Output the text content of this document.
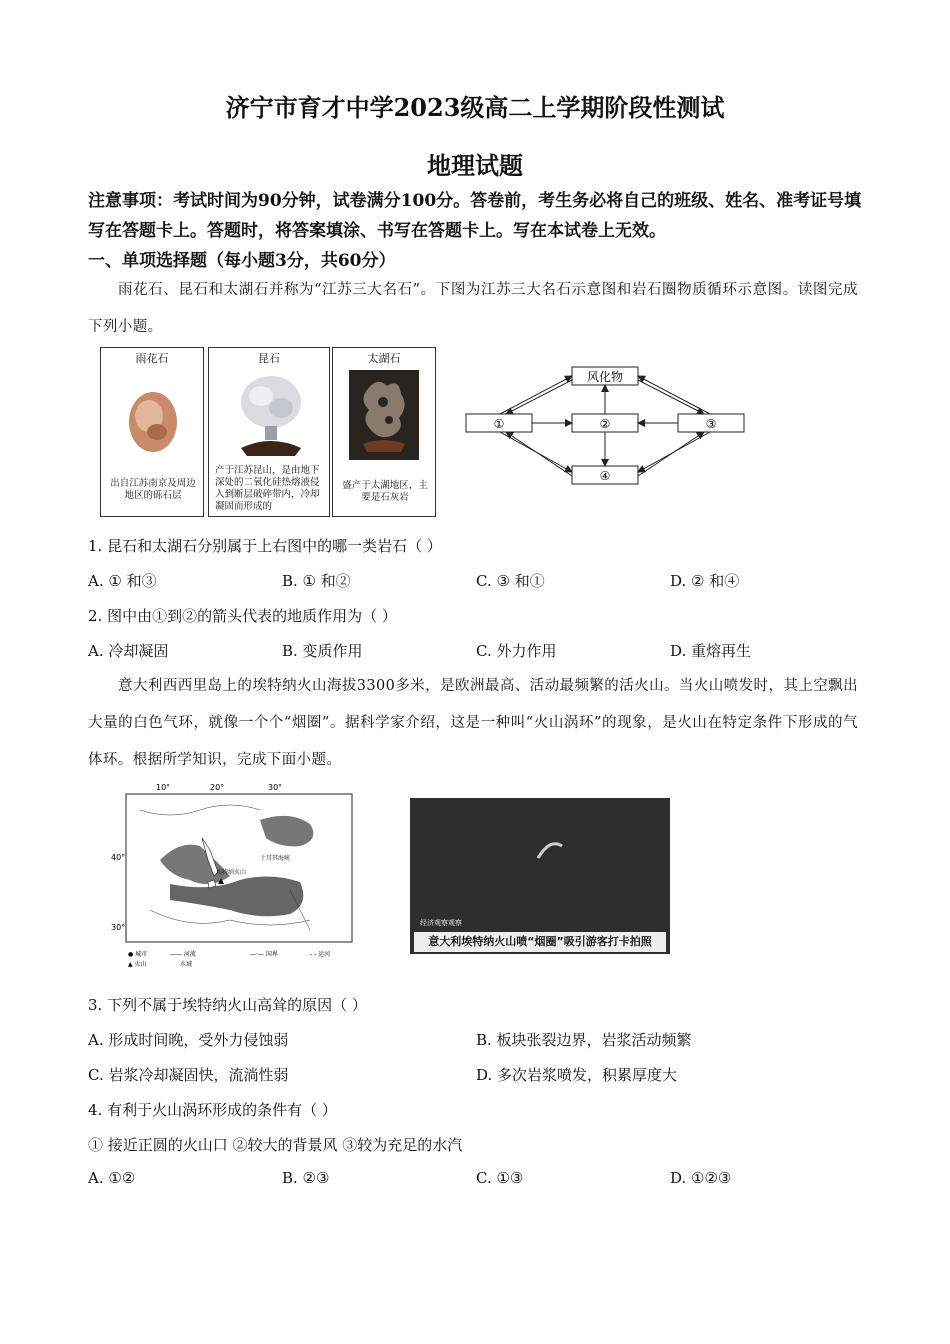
济宁市育才中学2023级高二上学期阶段性测试
地理试题
注意事项：考试时间为90分钟，试卷满分100分。答卷前，考生务必将自己的班级、姓名、准考证号填写在答题卡上。答题时，将答案填涂、书写在答题卡上。写在本试卷上无效。
一、单项选择题（每小题3分，共60分）
雨花石、昆石和太湖石并称为“江苏三大名石”。下图为江苏三大名石示意图和岩石圈物质循环示意图。读图完成下列小题。
雨花石
出自江苏南京及周边地区的砾石层
昆石
产于江苏昆山，是由地下深处的二氧化硅热熔液侵入到断层破碎带内，冷却凝固而形成的
太湖石
盛产于太湖地区，主要是石灰岩
风化物
①	②	③
④
1. 昆石和太湖石分别属于上右图中的哪一类岩石（ ）
A. ① 和③	B. ① 和②	C. ③ 和①	D. ② 和④
2. 图中由①到②的箭头代表的地质作用为（ ）
A. 冷却凝固	B. 变质作用	C. 外力作用	D. 重熔再生
意大利西西里岛上的埃特纳火山海拔3300多米，是欧洲最高、活动最频繁的活火山。当火山喷发时，其上空飘出大量的白色气环，就像一个个“烟圈”。据科学家介绍，这是一种叫“火山涡环”的现象，是火山在特定条件下形成的气体环。根据所学知识，完成下面小题。
10°	20°	30°
40°
30°
埃特纳火山
土耳其海峡
● 城市
▲ 火山
—— 河流	—·— 国界	- - 运河
水域
经济观察观察
意大利埃特纳火山喷“烟圈”吸引游客打卡拍照
3. 下列不属于埃特纳火山高耸的原因（ ）
A. 形成时间晚，受外力侵蚀弱	B. 板块张裂边界，岩浆活动频繁
C. 岩浆冷却凝固快，流淌性弱	D. 多次岩浆喷发，积累厚度大
4. 有利于火山涡环形成的条件有（ ）
① 接近正圆的火山口 ②较大的背景风 ③较为充足的水汽
A. ①②	B. ②③	C. ①③	D. ①②③
